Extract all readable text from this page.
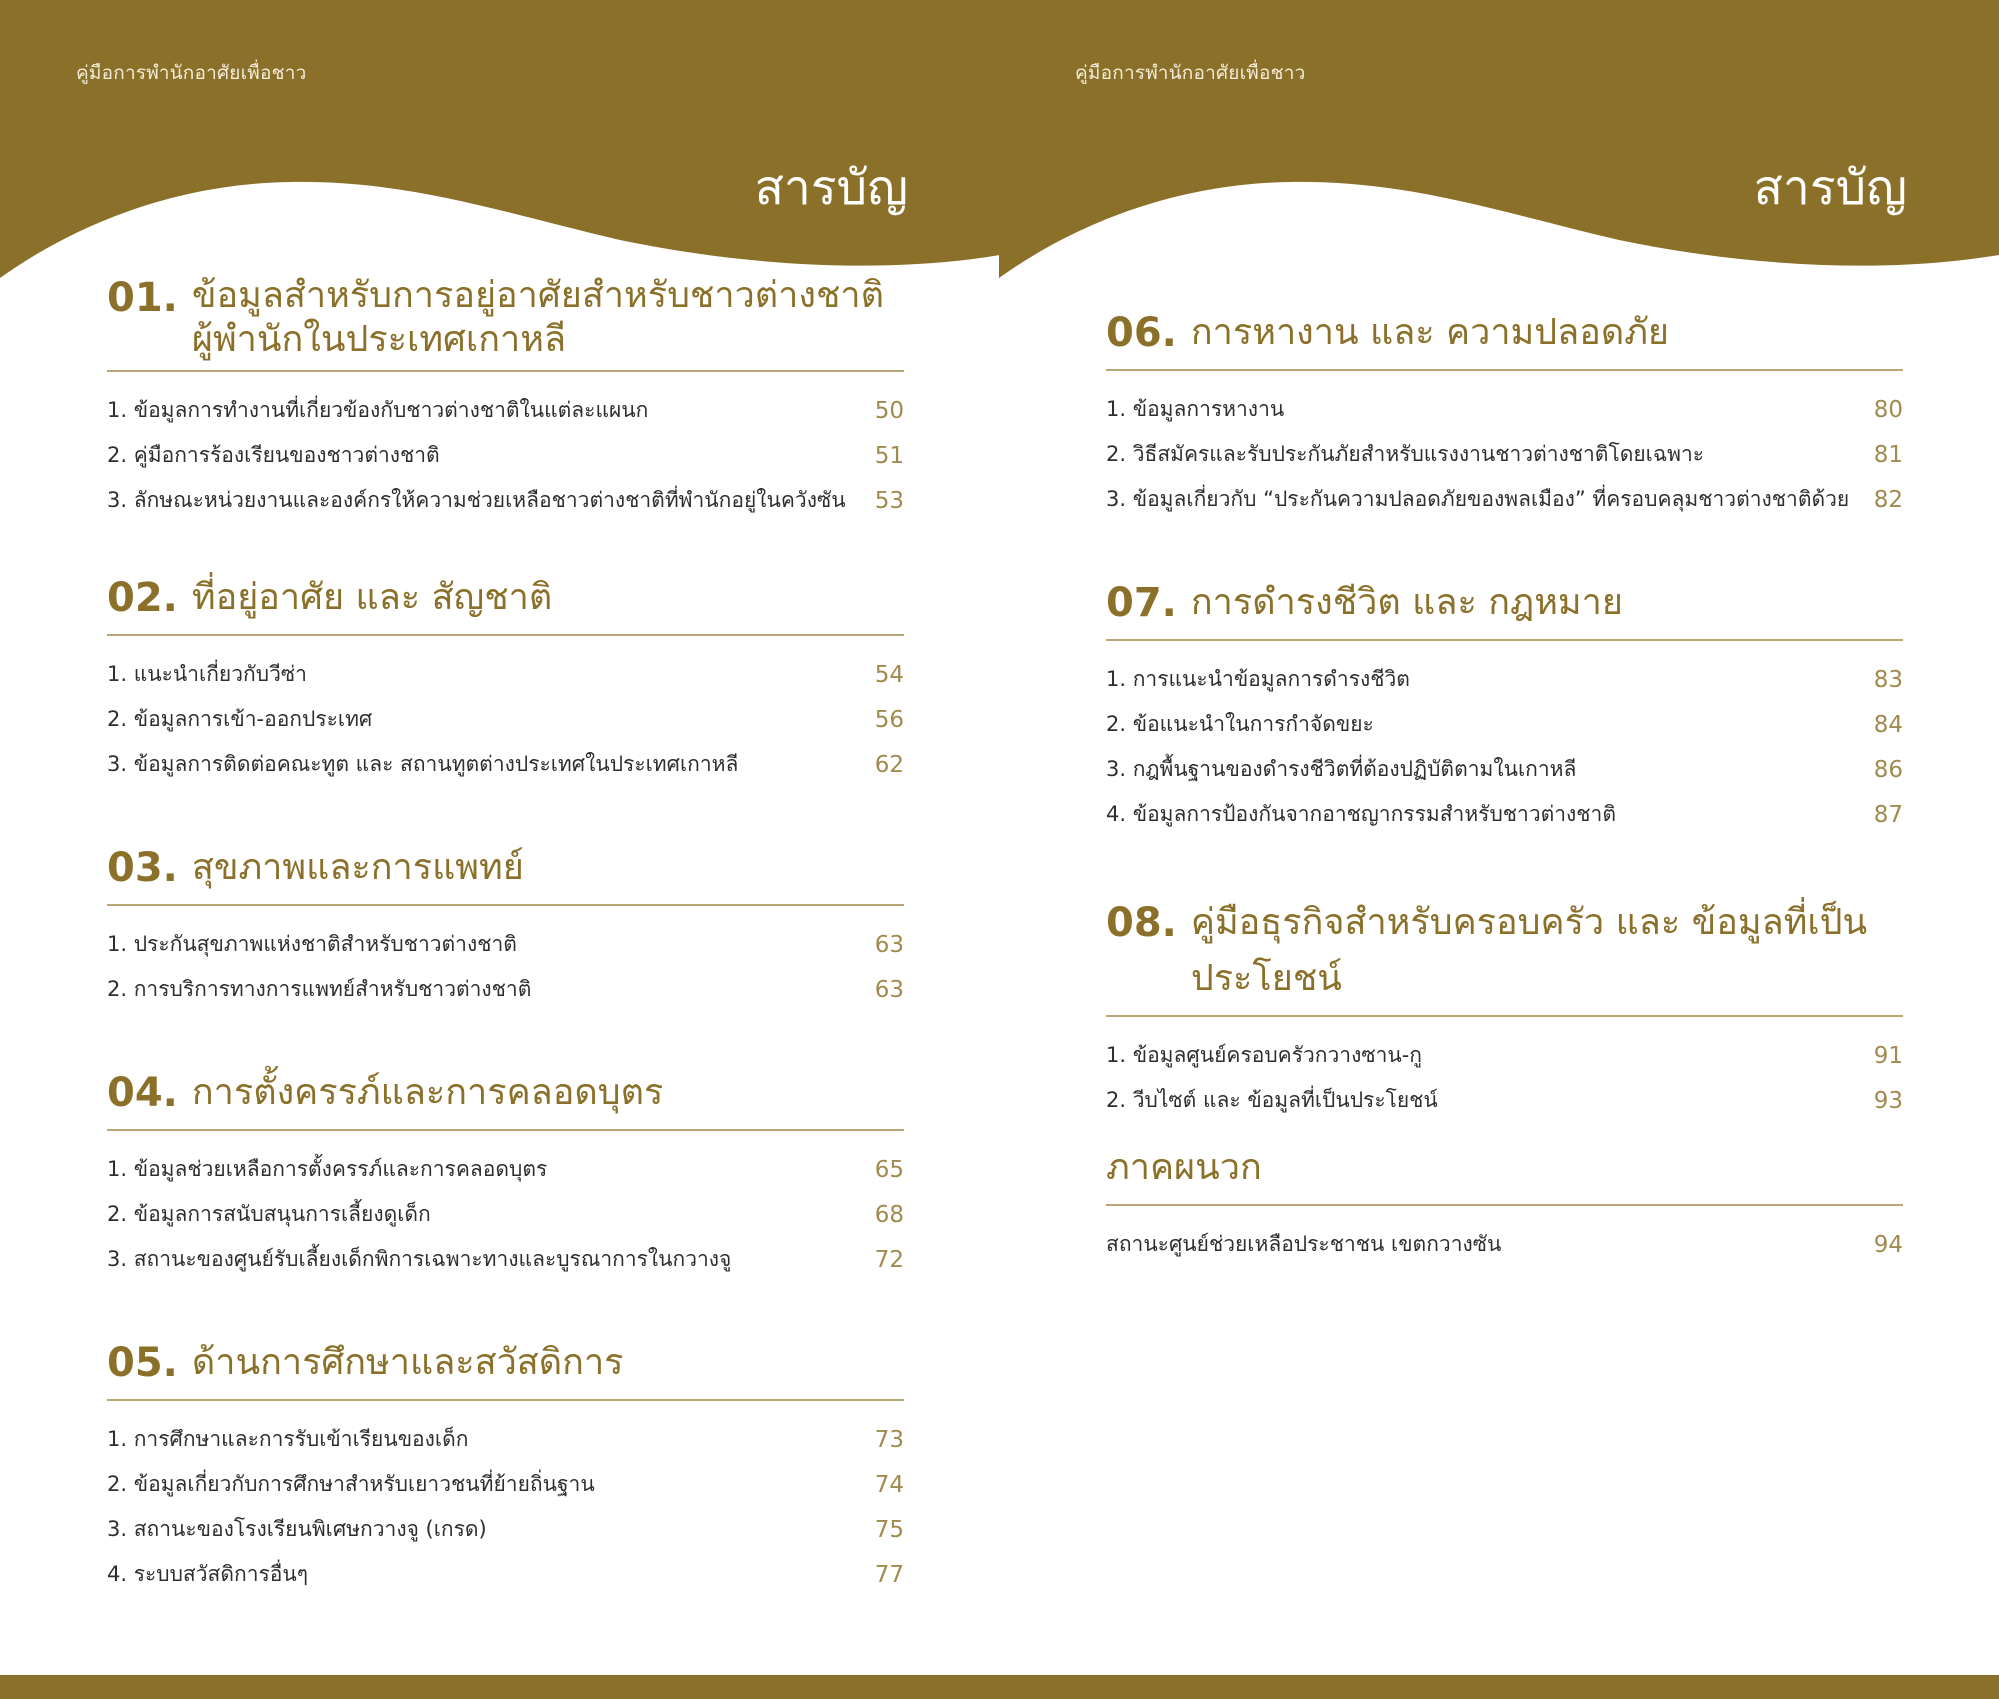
คู่มือการพำนักอาศัยเพื่อชาว
สารบัญ
01. ข้อมูลสำหรับการอยู่อาศัยสำหรับชาวต่างชาติผู้พำนักในประเทศเกาหลี
1. ข้อมูลการทำงานที่เกี่ยวข้องกับชาวต่างชาติในแต่ละแผนก	50
2. คู่มือการร้องเรียนของชาวต่างชาติ	51
3. ลักษณะหน่วยงานและองค์กรให้ความช่วยเหลือชาวต่างชาติที่พำนักอยู่ในควังซัน	53
02. ที่อยู่อาศัย และ สัญชาติ
1. แนะนำเกี่ยวกับวีซ่า	54
2. ข้อมูลการเข้า-ออกประเทศ	56
3. ข้อมูลการติดต่อคณะทูต และ สถานทูตต่างประเทศในประเทศเกาหลี	62
03. สุขภาพและการแพทย์
1. ประกันสุขภาพแห่งชาติสำหรับชาวต่างชาติ	63
2. การบริการทางการแพทย์สำหรับชาวต่างชาติ	63
04. การตั้งครรภ์และการคลอดบุตร
1. ข้อมูลช่วยเหลือการตั้งครรภ์และการคลอดบุตร	65
2. ข้อมูลการสนับสนุนการเลี้ยงดูเด็ก	68
3. สถานะของศูนย์รับเลี้ยงเด็กพิการเฉพาะทางและบูรณาการในกวางจู	72
05. ด้านการศึกษาและสวัสดิการ
1. การศึกษาและการรับเข้าเรียนของเด็ก	73
2. ข้อมูลเกี่ยวกับการศึกษาสำหรับเยาวชนที่ย้ายถิ่นฐาน	74
3. สถานะของโรงเรียนพิเศษกวางจู (เกรด)	75
4. ระบบสวัสดิการอื่นๆ	77
คู่มือการพำนักอาศัยเพื่อชาว
สารบัญ
06. การหางาน และ ความปลอดภัย
1. ข้อมูลการหางาน	80
2. วิธีสมัครและรับประกันภัยสำหรับแรงงานชาวต่างชาติโดยเฉพาะ	81
3. ข้อมูลเกี่ยวกับ “ประกันความปลอดภัยของพลเมือง” ที่ครอบคลุมชาวต่างชาติด้วย	82
07. การดำรงชีวิต และ กฎหมาย
1. การแนะนำข้อมูลการดำรงชีวิต	83
2. ข้อแนะนำในการกำจัดขยะ	84
3. กฎพื้นฐานของดำรงชีวิตที่ต้องปฏิบัติตามในเกาหลี	86
4. ข้อมูลการป้องกันจากอาชญากรรมสำหรับชาวต่างชาติ	87
08. คู่มือธุรกิจสำหรับครอบครัว และ ข้อมูลที่เป็นประโยชน์
1. ข้อมูลศูนย์ครอบครัวกวางซาน-กู	91
2. วีบไซต์ และ ข้อมูลที่เป็นประโยชน์	93
ภาคผนวก
สถานะศูนย์ช่วยเหลือประชาชน เขตกวางซัน	94
